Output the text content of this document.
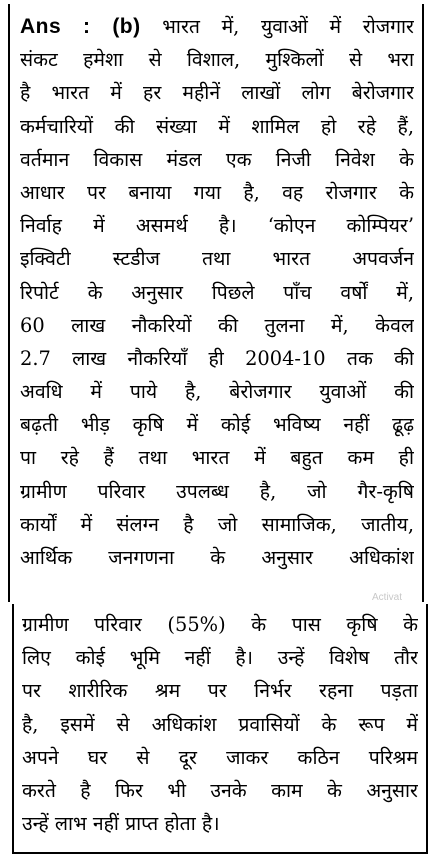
Ans : (b) भारत में, युवाओं में रोजगार
संकट हमेशा से विशाल, मुश्किलों से भरा
है भारत में हर महीनें लाखों लोग बेरोजगार
कर्मचारियों की संख्या में शामिल हो रहे हैं,
वर्तमान विकास मंडल एक निजी निवेश के
आधार पर बनाया गया है, वह रोजगार के
निर्वाह में असमर्थ है। ‘कोएन कोम्पियर’
इक्विटी स्टडीज तथा भारत अपवर्जन
रिपोर्ट के अनुसार पिछले पाँच वर्षों में,
60 लाख नौकरियों की तुलना में, केवल
2.7 लाख नौकरियाँ ही 2004-10 तक की
अवधि में पाये है, बेरोजगार युवाओं की
बढ़ती भीड़ कृषि में कोई भविष्य नहीं ढूढ़
पा रहे हैं तथा भारत में बहुत कम ही
ग्रामीण परिवार उपलब्ध है, जो गैर-कृषि
कार्यों में संलग्न है जो सामाजिक, जातीय,
आर्थिक जनगणना के अनुसार अधिकांश
Activat
ग्रामीण परिवार (55%) के पास कृषि के
लिए कोई भूमि नहीं है। उन्हें विशेष तौर
पर शारीरिक श्रम पर निर्भर रहना पड़ता
है, इसमें से अधिकांश प्रवासियों के रूप में
अपने घर से दूर जाकर कठिन परिश्रम
करते है फिर भी उनके काम के अनुसार
उन्हें लाभ नहीं प्राप्त होता है।
